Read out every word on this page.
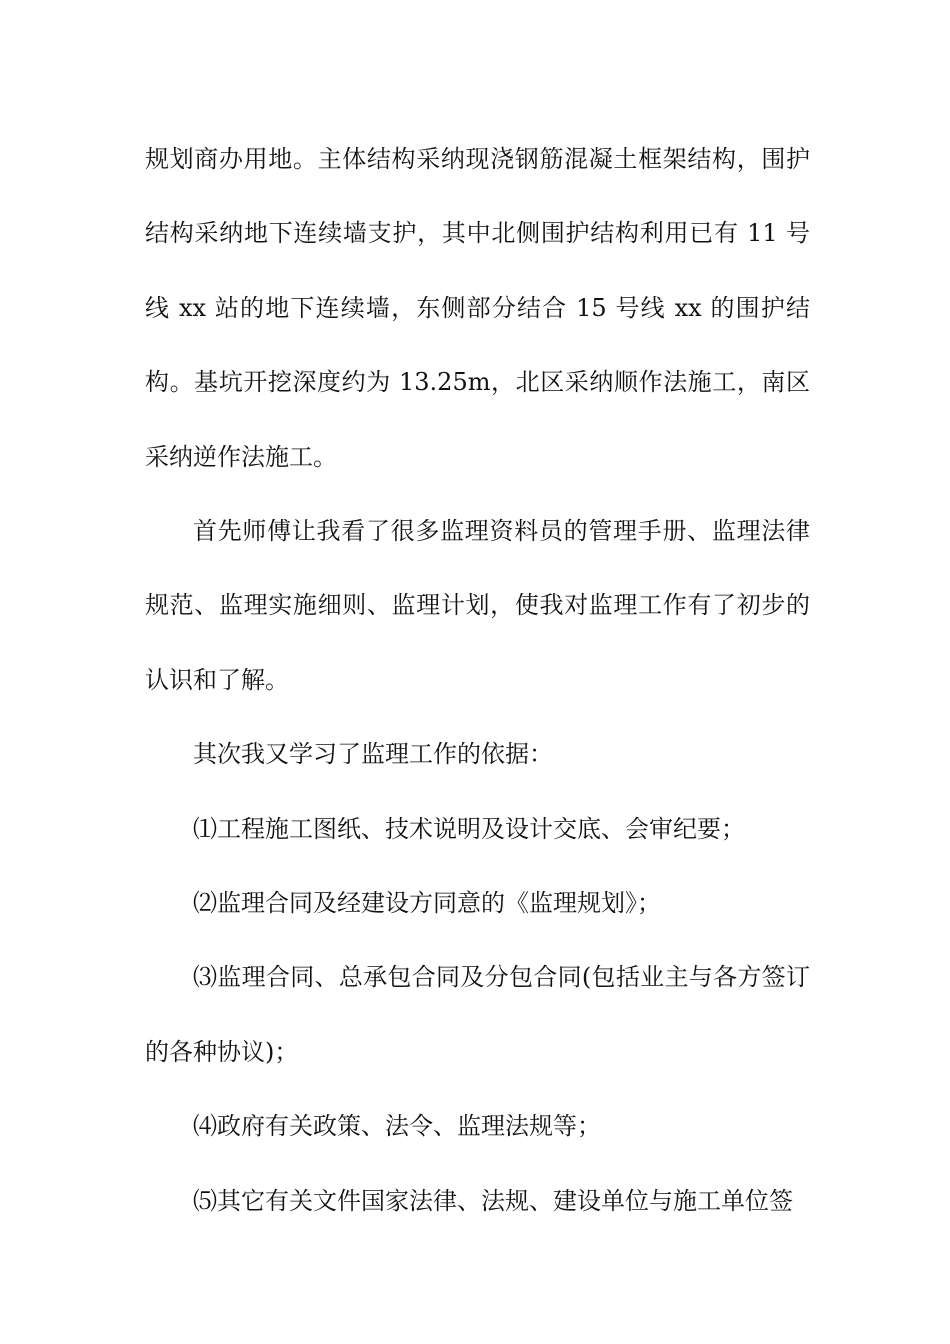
规划商办用地。主体结构采纳现浇钢筋混凝土框架结构，围护结构采纳地下连续墙支护，其中北侧围护结构利用已有 11 号线 xx 站的地下连续墙，东侧部分结合 15 号线 xx 的围护结构。基坑开挖深度约为 13.25m，北区采纳顺作法施工，南区采纳逆作法施工。

首先师傅让我看了很多监理资料员的管理手册、监理法律规范、监理实施细则、监理计划，使我对监理工作有了初步的认识和了解。

其次我又学习了监理工作的依据：

⑴工程施工图纸、技术说明及设计交底、会审纪要；

⑵监理合同及经建设方同意的《监理规划》；

⑶监理合同、总承包合同及分包合同(包括业主与各方签订的各种协议)；

⑷政府有关政策、法令、监理法规等；

⑸其它有关文件国家法律、法规、建设单位与施工单位签
